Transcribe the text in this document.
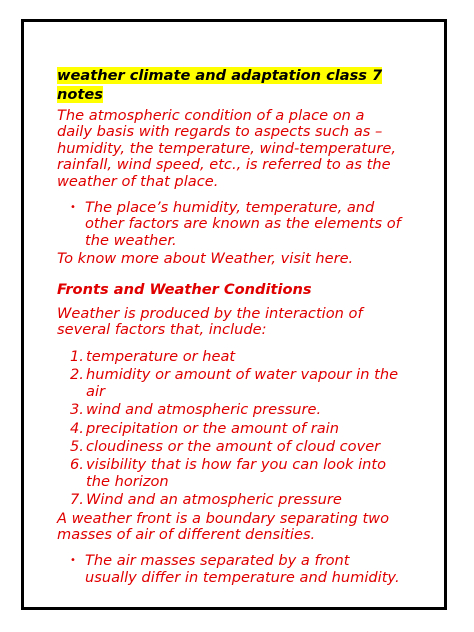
weather climate and adaptation class 7 notes

The atmospheric condition of a place on a daily basis with regards to aspects such as – humidity, the temperature, wind-temperature, rainfall, wind speed, etc., is referred to as the weather of that place.

• The place’s humidity, temperature, and other factors are known as the elements of the weather.

To know more about Weather, visit here.

Fronts and Weather Conditions

Weather is produced by the interaction of several factors that, include:

1. temperature or heat
2. humidity or amount of water vapour in the air
3. wind and atmospheric pressure.
4. precipitation or the amount of rain
5. cloudiness or the amount of cloud cover
6. visibility that is how far you can look into the horizon
7. Wind and an atmospheric pressure

A weather front is a boundary separating two masses of air of different densities.

• The air masses separated by a front usually differ in temperature and humidity.
